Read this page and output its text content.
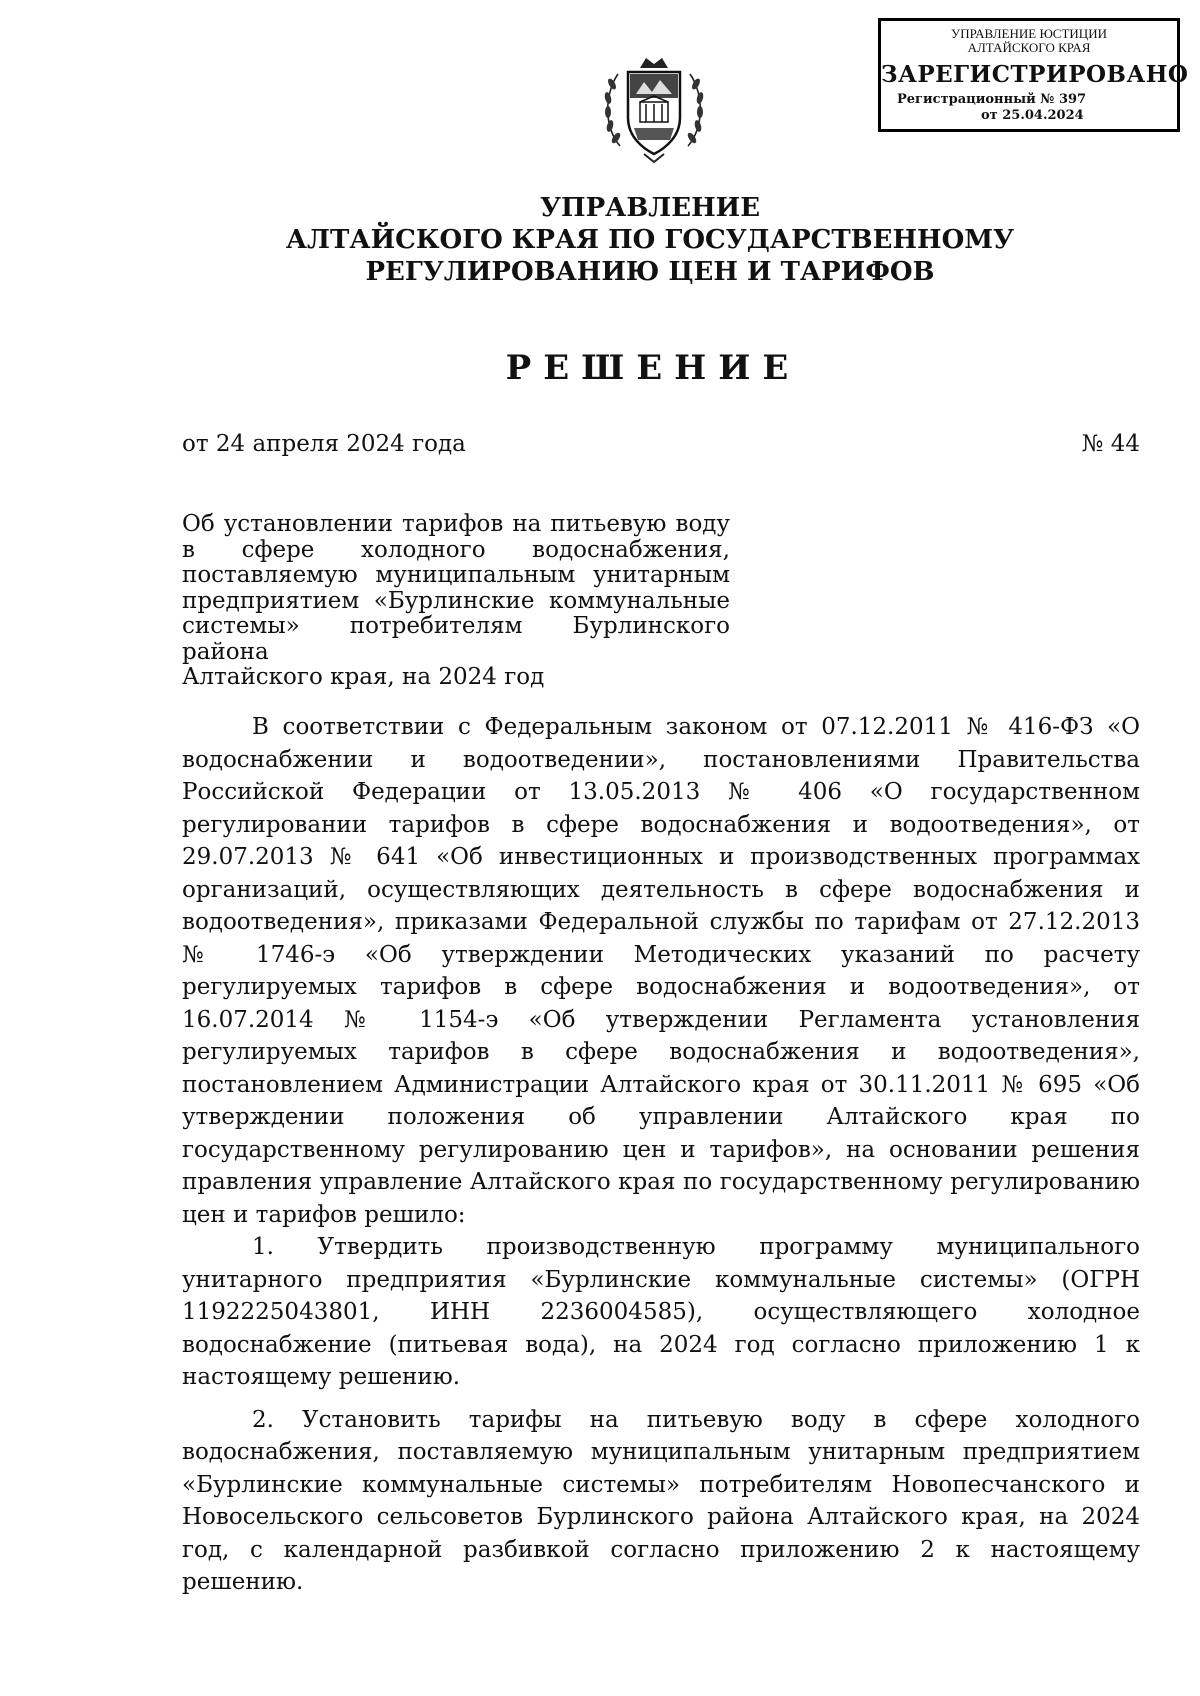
УПРАВЛЕНИЕ ЮСТИЦИИ
АЛТАЙСКОГО КРАЯ
ЗАРЕГИСТРИРОВАНО
Регистрационный № 397
от 25.04.2024
УПРАВЛЕНИЕ
АЛТАЙСКОГО КРАЯ ПО ГОСУДАРСТВЕННОМУ
РЕГУЛИРОВАНИЮ ЦЕН И ТАРИФОВ
РЕШЕНИЕ
от 24 апреля 2024 года	№ 44
Об установлении тарифов на питьевую воду
в сфере холодного водоснабжения,
поставляемую муниципальным унитарным
предприятием «Бурлинские коммунальные
системы» потребителям Бурлинского района
Алтайского края, на 2024 год

В соответствии с Федеральным законом от 07.12.2011 № 416-ФЗ «О водоснабжении и водоотведении», постановлениями Правительства Российской Федерации от 13.05.2013 № 406 «О государственном регулировании тарифов в сфере водоснабжения и водоотведения», от 29.07.2013 № 641 «Об инвестиционных и производственных программах организаций, осуществляющих деятельность в сфере водоснабжения и водоотведения», приказами Федеральной службы по тарифам от 27.12.2013 № 1746-э «Об утверждении Методических указаний по расчету регулируемых тарифов в сфере водоснабжения и водоотведения», от 16.07.2014 № 1154-э «Об утверждении Регламента установления регулируемых тарифов в сфере водоснабжения и водоотведения», постановлением Администрации Алтайского края от 30.11.2011 № 695 «Об утверждении положения об управлении Алтайского края по государственному регулированию цен и тарифов», на основании решения правления управление Алтайского края по государственному регулированию цен и тарифов решило:

1. Утвердить производственную программу муниципального унитарного предприятия «Бурлинские коммунальные системы» (ОГРН 1192225043801, ИНН 2236004585), осуществляющего холодное водоснабжение (питьевая вода), на 2024 год согласно приложению 1 к настоящему решению.

2. Установить тарифы на питьевую воду в сфере холодного водоснабжения, поставляемую муниципальным унитарным предприятием «Бурлинские коммунальные системы» потребителям Новопесчанского и Новосельского сельсоветов Бурлинского района Алтайского края, на 2024 год, с календарной разбивкой согласно приложению 2 к настоящему решению.
